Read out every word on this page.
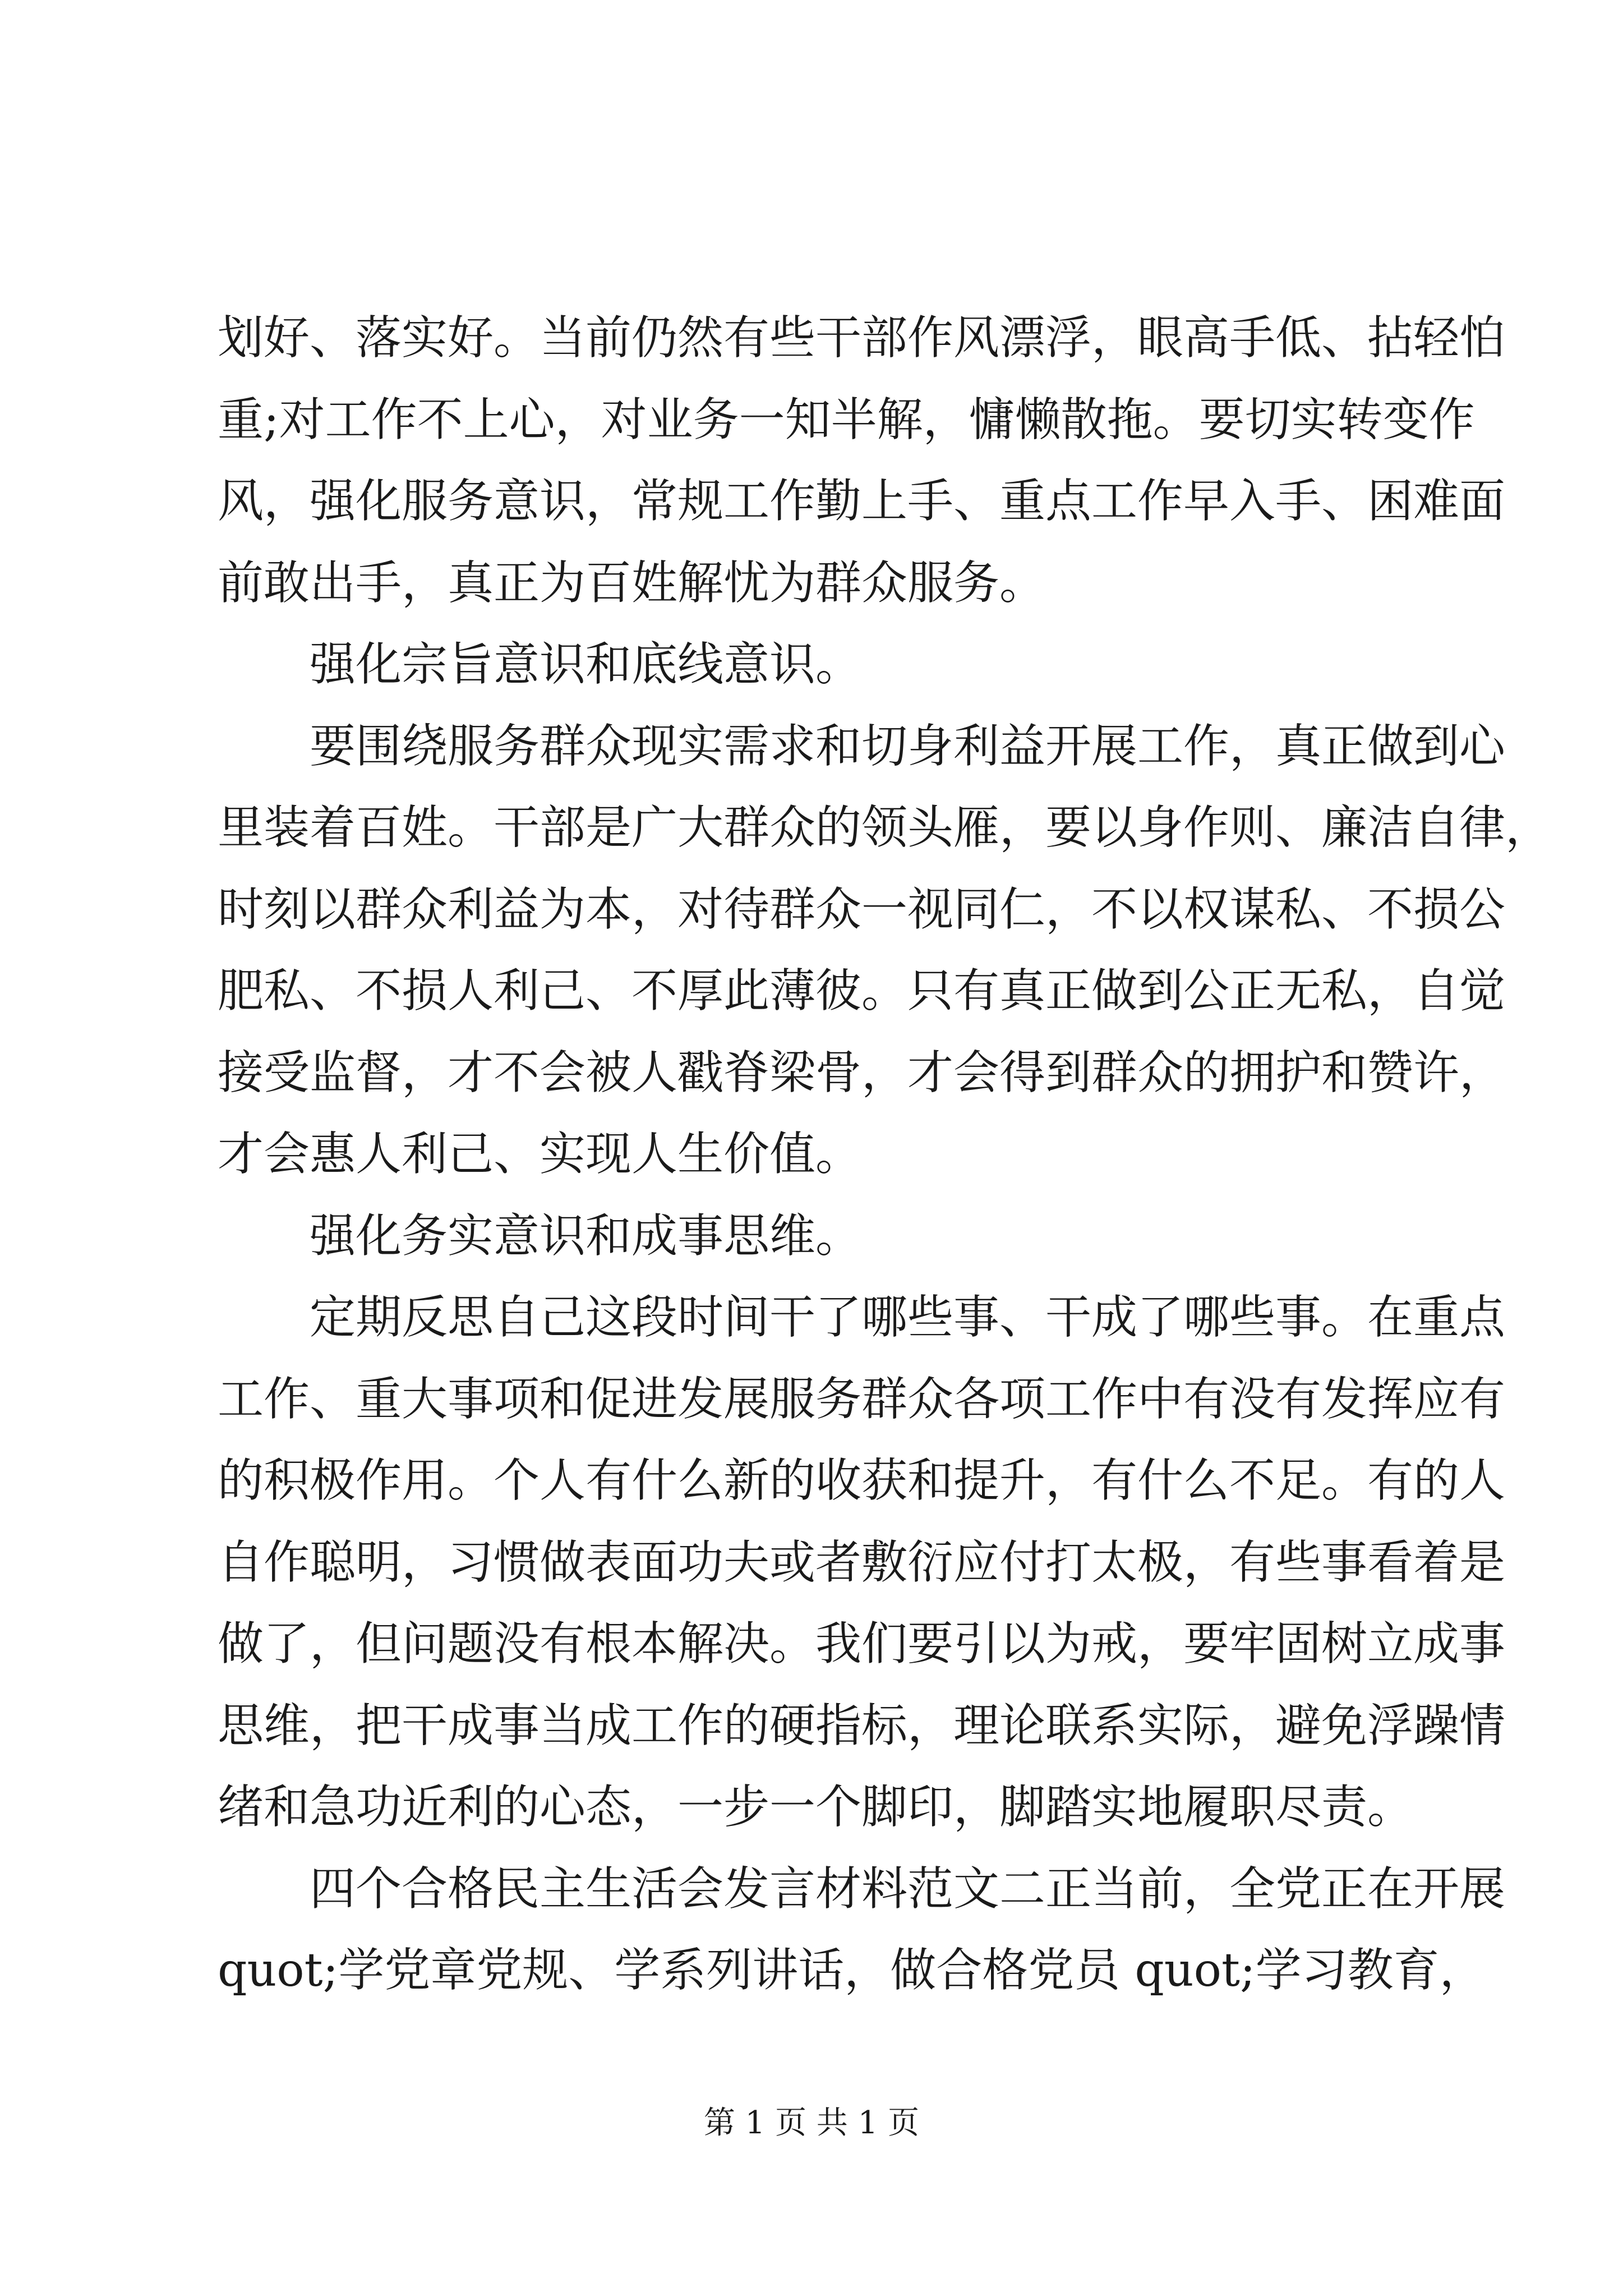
划好、落实好。当前仍然有些干部作风漂浮，眼高手低、拈轻怕
重;对工作不上心，对业务一知半解，慵懒散拖。要切实转变作
风，强化服务意识，常规工作勤上手、重点工作早入手、困难面
前敢出手，真正为百姓解忧为群众服务。
强化宗旨意识和底线意识。
要围绕服务群众现实需求和切身利益开展工作，真正做到心
里装着百姓。干部是广大群众的领头雁，要以身作则、廉洁自律，
时刻以群众利益为本，对待群众一视同仁，不以权谋私、不损公
肥私、不损人利己、不厚此薄彼。只有真正做到公正无私，自觉
接受监督，才不会被人戳脊梁骨，才会得到群众的拥护和赞许，
才会惠人利己、实现人生价值。
强化务实意识和成事思维。
定期反思自己这段时间干了哪些事、干成了哪些事。在重点
工作、重大事项和促进发展服务群众各项工作中有没有发挥应有
的积极作用。个人有什么新的收获和提升，有什么不足。有的人
自作聪明，习惯做表面功夫或者敷衍应付打太极，有些事看着是
做了，但问题没有根本解决。我们要引以为戒，要牢固树立成事
思维，把干成事当成工作的硬指标，理论联系实际，避免浮躁情
绪和急功近利的心态，一步一个脚印，脚踏实地履职尽责。
四个合格民主生活会发言材料范文二正当前，全党正在开展
quot;学党章党规、学系列讲话，做合格党员 quot;学习教育，
第 1 页 共 1 页
